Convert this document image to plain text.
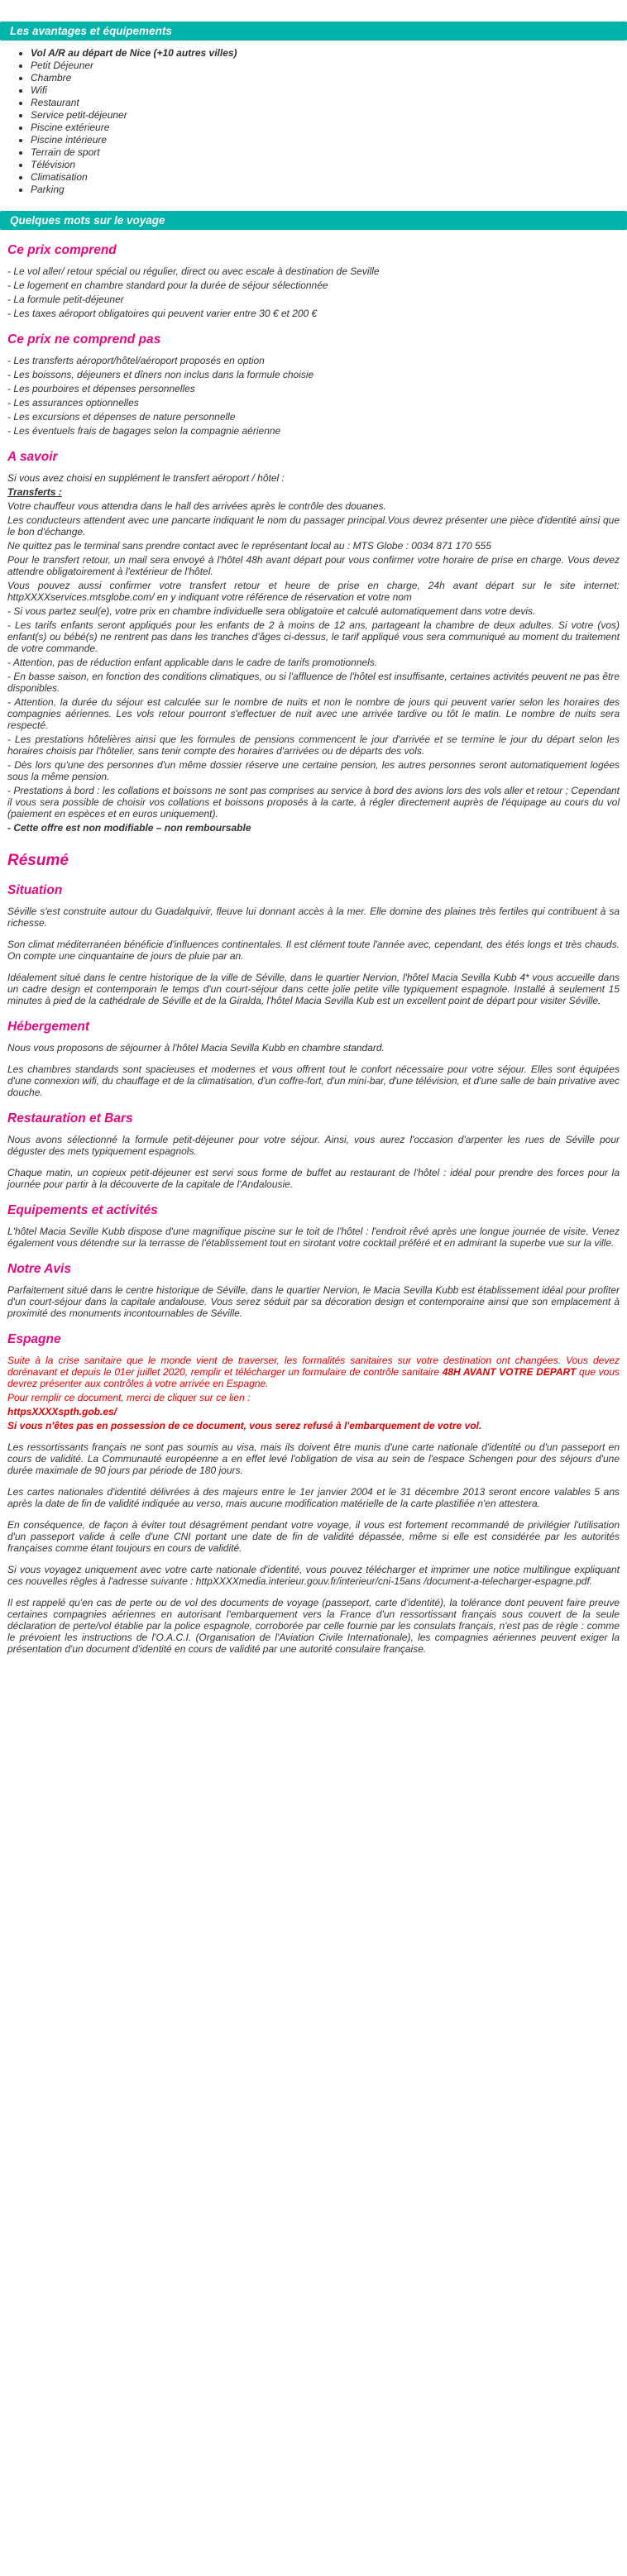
Les avantages et équipements
• Vol A/R au départ de Nice (+10 autres villes)
• Petit Déjeuner
• Chambre
• Wifi
• Restaurant
• Service petit-déjeuner
• Piscine extérieure
• Piscine intérieure
• Terrain de sport
• Télévision
• Climatisation
• Parking
Quelques mots sur le voyage
Ce prix comprend

- Le vol aller/ retour spécial ou régulier, direct ou avec escale à destination de Seville

- Le logement en chambre standard pour la durée de séjour sélectionnée

- La formule petit-déjeuner

- Les taxes aéroport obligatoires qui peuvent varier entre 30 € et 200 €

Ce prix ne comprend pas

- Les transferts aéroport/hôtel/aéroport proposés en option

- Les boissons, déjeuners et dîners non inclus dans la formule choisie

- Les pourboires et dépenses personnelles

- Les assurances optionnelles

- Les excursions et dépenses de nature personnelle

- Les éventuels frais de bagages selon la compagnie aérienne

A savoir

Si vous avez choisi en supplément le transfert aéroport / hôtel :

Transferts :

Votre chauffeur vous attendra dans le hall des arrivées après le contrôle des douanes.

Les conducteurs attendent avec une pancarte indiquant le nom du passager principal.Vous devrez présenter une pièce d'identité ainsi que le bon d'échange.

Ne quittez pas le terminal sans prendre contact avec le représentant local au : MTS Globe : 0034 871 170 555

Pour le transfert retour, un mail sera envoyé à l'hôtel 48h avant départ pour vous confirmer votre horaire de prise en charge. Vous devez attendre obligatoirement à l'extérieur de l'hôtel.

Vous pouvez aussi confirmer votre transfert retour et heure de prise en charge, 24h avant départ sur le site internet: httpXXXXservices.mtsglobe.com/ en y indiquant votre référence de réservation et votre nom

- Si vous partez seul(e), votre prix en chambre individuelle sera obligatoire et calculé automatiquement dans votre devis.

- Les tarifs enfants seront appliqués pour les enfants de 2 à moins de 12 ans, partageant la chambre de deux adultes. Si votre (vos) enfant(s) ou bébé(s) ne rentrent pas dans les tranches d'âges ci-dessus, le tarif appliqué vous sera communiqué au moment du traitement de votre commande.

- Attention, pas de réduction enfant applicable dans le cadre de tarifs promotionnels.

- En basse saison, en fonction des conditions climatiques, ou si l'affluence de l'hôtel est insuffisante, certaines activités peuvent ne pas être disponibles.

- Attention, la durée du séjour est calculée sur le nombre de nuits et non le nombre de jours qui peuvent varier selon les horaires des compagnies aériennes. Les vols retour pourront s'effectuer de nuit avec une arrivée tardive ou tôt le matin. Le nombre de nuits sera respecté.

- Les prestations hôtelières ainsi que les formules de pensions commencent le jour d'arrivée et se termine le jour du départ selon les horaires choisis par l'hôtelier, sans tenir compte des horaires d'arrivées ou de départs des vols.

- Dès lors qu'une des personnes d'un même dossier réserve une certaine pension, les autres personnes seront automatiquement logées sous la même pension.

- Prestations à bord : les collations et boissons ne sont pas comprises au service à bord des avions lors des vols aller et retour ; Cependant il vous sera possible de choisir vos collations et boissons proposés à la carte, à régler directement auprès de l'équipage au cours du vol (paiement en espèces et en euros uniquement).

- Cette offre est non modifiable – non remboursable

Résumé
Situation

Séville s'est construite autour du Guadalquivir, fleuve lui donnant accès à la mer. Elle domine des plaines très fertiles qui contribuent à sa richesse.

Son climat méditerranéen bénéficie d'influences continentales. Il est clément toute l'année avec, cependant, des étés longs et très chauds. On compte une cinquantaine de jours de pluie par an.

Idéalement situé dans le centre historique de la ville de Séville, dans le quartier Nervion, l'hôtel Macia Sevilla Kubb 4* vous accueille dans un cadre design et contemporain le temps d'un court-séjour dans cette jolie petite ville typiquement espagnole. Installé à seulement 15 minutes à pied de la cathédrale de Séville et de la Giralda, l'hôtel Macia Sevilla Kub est un excellent point de départ pour visiter Séville.

Hébergement

Nous vous proposons de séjourner à l'hôtel Macia Sevilla Kubb en chambre standard.

Les chambres standards sont spacieuses et modernes et vous offrent tout le confort nécessaire pour votre séjour. Elles sont équipées d'une connexion wifi, du chauffage et de la climatisation, d'un coffre-fort, d'un mini-bar, d'une télévision, et d'une salle de bain privative avec douche.

Restauration et Bars

Nous avons sélectionné la formule petit-déjeuner pour votre séjour. Ainsi, vous aurez l'occasion d'arpenter les rues de Séville pour déguster des mets typiquement espagnols.

Chaque matin, un copieux petit-déjeuner est servi sous forme de buffet au restaurant de l'hôtel : idéal pour prendre des forces pour la journée pour partir à la découverte de la capitale de l'Andalousie.

Equipements et activités

L'hôtel Macia Seville Kubb dispose d'une magnifique piscine sur le toit de l'hôtel : l'endroit rêvé après une longue journée de visite. Venez également vous détendre sur la terrasse de l'établissement tout en sirotant votre cocktail préféré et en admirant la superbe vue sur la ville.

Notre Avis

Parfaitement situé dans le centre historique de Séville, dans le quartier Nervion, le Macia Sevilla Kubb est établissement idéal pour profiter d'un court-séjour dans la capitale andalouse. Vous serez séduit par sa décoration design et contemporaine ainsi que son emplacement à proximité des monuments incontournables de Séville.

Espagne

Suite à la crise sanitaire que le monde vient de traverser, les formalités sanitaires sur votre destination ont changées. Vous devez dorénavant et depuis le 01er juillet 2020, remplir et télécharger un formulaire de contrôle sanitaire 48H AVANT VOTRE DEPART que vous devrez présenter aux contrôles à votre arrivée en Espagne.

Pour remplir ce document, merci de cliquer sur ce lien :

httpsXXXXspth.gob.es/

Si vous n'êtes pas en possession de ce document, vous serez refusé à l'embarquement de votre vol.

Les ressortissants français ne sont pas soumis au visa, mais ils doivent être munis d'une carte nationale d'identité ou d'un passeport en cours de validité. La Communauté européenne a en effet levé l'obligation de visa au sein de l'espace Schengen pour des séjours d'une durée maximale de 90 jours par période de 180 jours.

Les cartes nationales d'identité délivrées à des majeurs entre le 1er janvier 2004 et le 31 décembre 2013 seront encore valables 5 ans après la date de fin de validité indiquée au verso, mais aucune modification matérielle de la carte plastifiée n'en attestera.

En conséquence, de façon à éviter tout désagrément pendant votre voyage, il vous est fortement recommandé de privilégier l'utilisation d'un passeport valide à celle d'une CNI portant une date de fin de validité dépassée, même si elle est considérée par les autorités françaises comme étant toujours en cours de validité.

Si vous voyagez uniquement avec votre carte nationale d'identité, vous pouvez télécharger et imprimer une notice multilingue expliquant ces nouvelles règles à l'adresse suivante : httpXXXXmedia.interieur.gouv.fr/interieur/cni-15ans /document-a-telecharger-espagne.pdf.

Il est rappelé qu'en cas de perte ou de vol des documents de voyage (passeport, carte d'identité), la tolérance dont peuvent faire preuve certaines compagnies aériennes en autorisant l'embarquement vers la France d'un ressortissant français sous couvert de la seule déclaration de perte/vol établie par la police espagnole, corroborée par celle fournie par les consulats français, n'est pas de règle : comme le prévoient les instructions de l'O.A.C.I. (Organisation de l'Aviation Civile Internationale), les compagnies aériennes peuvent exiger la présentation d'un document d'identité en cours de validité par une autorité consulaire française.
